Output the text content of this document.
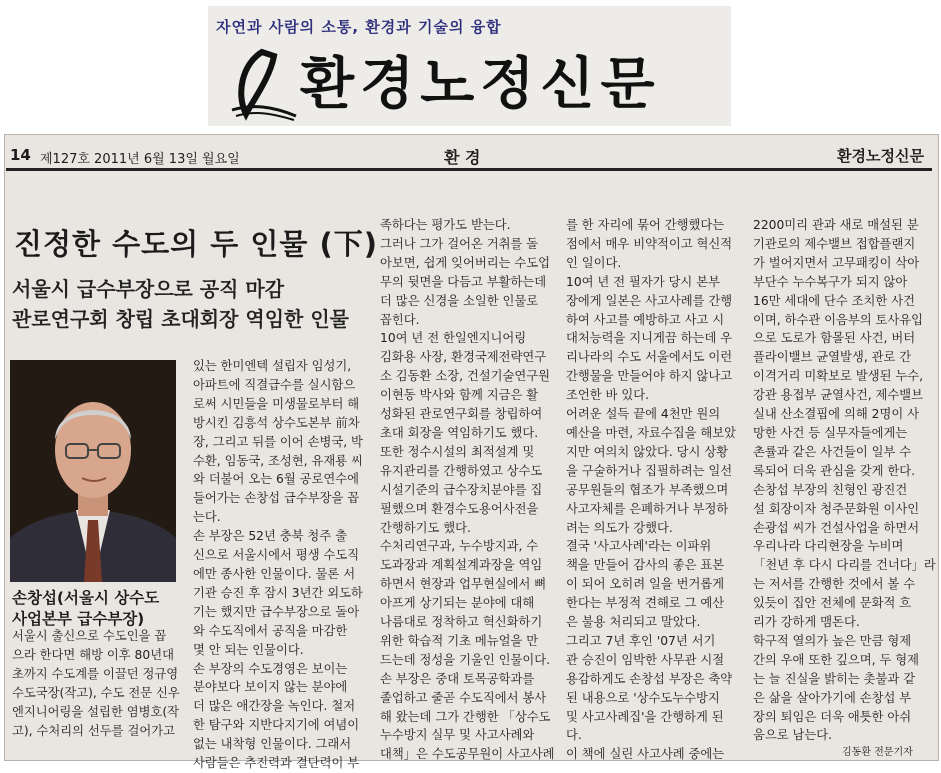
자연과 사람의 소통, 환경과 기술의 융합
환경노정신문
14 제127호 2011년 6월 13일 월요일	환 경	환경노정신문
진정한 수도의 두 인물 (下)
서울시 급수부장으로 공직 마감
관로연구회 창립 초대회장 역임한 인물
손창섭(서울시 상수도
사업본부 급수부장)

서울시 출신으로 수도인을 꼽

으라 한다면 해방 이후 80년대

초까지 수도계를 이끌던 정규영

수도국장(작고), 수도 전문 신우

엔지니어링을 설립한 염병호(작

고), 수처리의 선두를 걸어가고

있는 한미엔텍 설립자 임성기,

아파트에 직결급수를 실시함으

로써 시민들을 미생물로부터 해

방시킨 김흥석 상수도본부 前차

장, 그리고 뒤를 이어 손병국, 박

수환, 임동국, 조성현, 유재룡 씨

와 더불어 오는 6월 공로연수에

들어가는 손창섭 급수부장을 꼽

는다.

손 부장은 52년 충북 청주 출

신으로 서울시에서 평생 수도직

에만 종사한 인물이다. 물론 서

기관 승진 후 잠시 3년간 외도하

기는 했지만 급수부장으로 돌아

와 수도직에서 공직을 마감한

몇 안 되는 인물이다.

손 부장의 수도경영은 보이는

분야보다 보이지 않는 분야에

더 많은 애간장을 녹인다. 철저

한 탐구와 지반다지기에 여념이

없는 내착형 인물이다. 그래서

사람들은 추진력과 결단력이 부

족하다는 평가도 받는다.

그러나 그가 걸어온 거취를 돌

아보면, 쉽게 잊어버리는 수도업

무의 뒷면을 다듬고 부활하는데

더 많은 신경을 소일한 인물로

꼽힌다.

10여 년 전 한일엔지니어링

김화용 사장, 환경국제전략연구

소 김동환 소장, 건설기술연구원

이현동 박사와 함께 지금은 활

성화된 관로연구회를 창립하여

초대 회장을 역임하기도 했다.

또한 정수시설의 최적설계 및

유지관리를 간행하였고 상수도

시설기준의 급수장치분야를 집

필했으며 환경수도용어사전을

간행하기도 했다.

수처리연구과, 누수방지과, 수

도과장과 계획설계과장을 역임

하면서 현장과 업무현실에서 뼈

아프게 상기되는 분야에 대해

나름대로 정착하고 혁신화하기

위한 학습적 기초 메뉴얼을 만

드는데 정성을 기울인 인물이다.

손 부장은 중대 토목공학과를

졸업하고 줄곧 수도직에서 봉사

해 왔는데 그가 간행한 「상수도

누수방지 실무 및 사고사례와

대책」은 수도공무원이 사고사례

를 한 자리에 묶어 간행했다는

점에서 매우 비약적이고 혁신적

인 일이다.

10여 년 전 필자가 당시 본부

장에게 일본은 사고사례를 간행

하여 사고를 예방하고 사고 시

대처능력을 지니게끔 하는데 우

리나라의 수도 서울에서도 이런

간행물을 만들어야 하지 않나고

조언한 바 있다.

어려운 설득 끝에 4천만 원의

예산을 마련, 자료수집을 해보았

지만 여의치 않았다. 당시 상황

을 구술하거나 집필하려는 일선

공무원들의 협조가 부족했으며

사고자체를 은폐하거나 부정하

려는 의도가 강했다.

결국 '사고사례'라는 이파위

책을 만들어 감사의 좋은 표본

이 되어 오히려 일을 번거롭게

한다는 부정적 견해로 그 예산

은 불용 처리되고 말았다.

그리고 7년 후인 '07년 서기

관 승진이 임박한 사무관 시절

용감하게도 손창섭 부장은 축약

된 내용으로 '상수도누수방지

및 사고사례집'을 간행하게 된

다.

이 책에 실린 사고사례 중에는

2200미리 관과 새로 매설된 분

기관로의 제수밸브 접합플랜지

가 벌어지면서 고무패킹이 삭아

부단수 누수복구가 되지 않아

16만 세대에 단수 조치한 사건

이며, 하수관 이음부의 토사유입

으로 도로가 함몰된 사건, 버터

플라이밸브 균열발생, 관로 간

이격거리 미확보로 발생된 누수,

강관 용접부 균열사건, 제수밸브

실내 산소결핍에 의해 2명이 사

망한 사건 등 실무자들에게는

촌률과 같은 사건들이 일부 수

록되어 더욱 관심을 갖게 한다.

손창섭 부장의 친형인 광진건

설 회장이자 청주문화원 이사인

손광섭 씨가 건설사업을 하면서

우리나라 다리현장을 누비며

「천년 후 다시 다리를 건너다」라

는 저서를 간행한 것에서 볼 수

있듯이 집안 전체에 문화적 흐

리가 강하게 맴돈다.

학구적 열의가 높은 만큼 형제

간의 우애 또한 깊으며, 두 형제

는 늘 진실을 밝히는 촛불과 같

은 삶을 살아가기에 손창섭 부

장의 퇴임은 더욱 애틋한 아쉬

움으로 남는다.

김동환 전문기자
